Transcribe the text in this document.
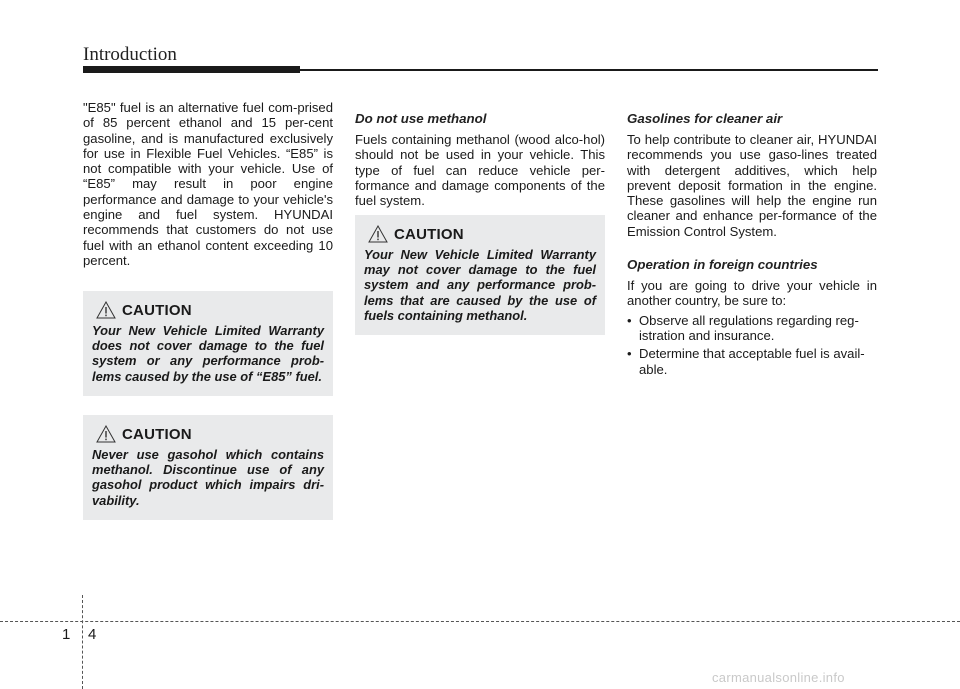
Introduction

"E85" fuel is an alternative fuel com-prised of 85 percent ethanol and 15 per-cent gasoline, and is manufactured exclusively for use in Flexible Fuel Vehicles. “E85” is not compatible with your vehicle. Use of “E85” may result in poor engine performance and damage to your vehicle's engine and fuel system. HYUNDAI recommends that customers do not use fuel with an ethanol content exceeding 10 percent.

CAUTION
Your New Vehicle Limited Warranty does not cover damage to the fuel system or any performance prob-lems caused by the use of “E85” fuel.
CAUTION
Never use gasohol which contains methanol. Discontinue use of any gasohol product which impairs dri-vability.
Do not use methanol

Fuels containing methanol (wood alco-hol) should not be used in your vehicle. This type of fuel can reduce vehicle per-formance and damage components of the fuel system.

CAUTION
Your New Vehicle Limited Warranty may not cover damage to the fuel system and any performance prob-lems that are caused by the use of fuels containing methanol.
Gasolines for cleaner air

To help contribute to cleaner air, HYUNDAI recommends you use gaso-lines treated with detergent additives, which help prevent deposit formation in the engine. These gasolines will help the engine run cleaner and enhance per-formance of the Emission Control System.

Operation in foreign countries

If you are going to drive your vehicle in another country, be sure to:

• Observe all regulations regarding reg-istration and insurance.
• Determine that acceptable fuel is avail-able.
1 4
carmanualsonline.info
